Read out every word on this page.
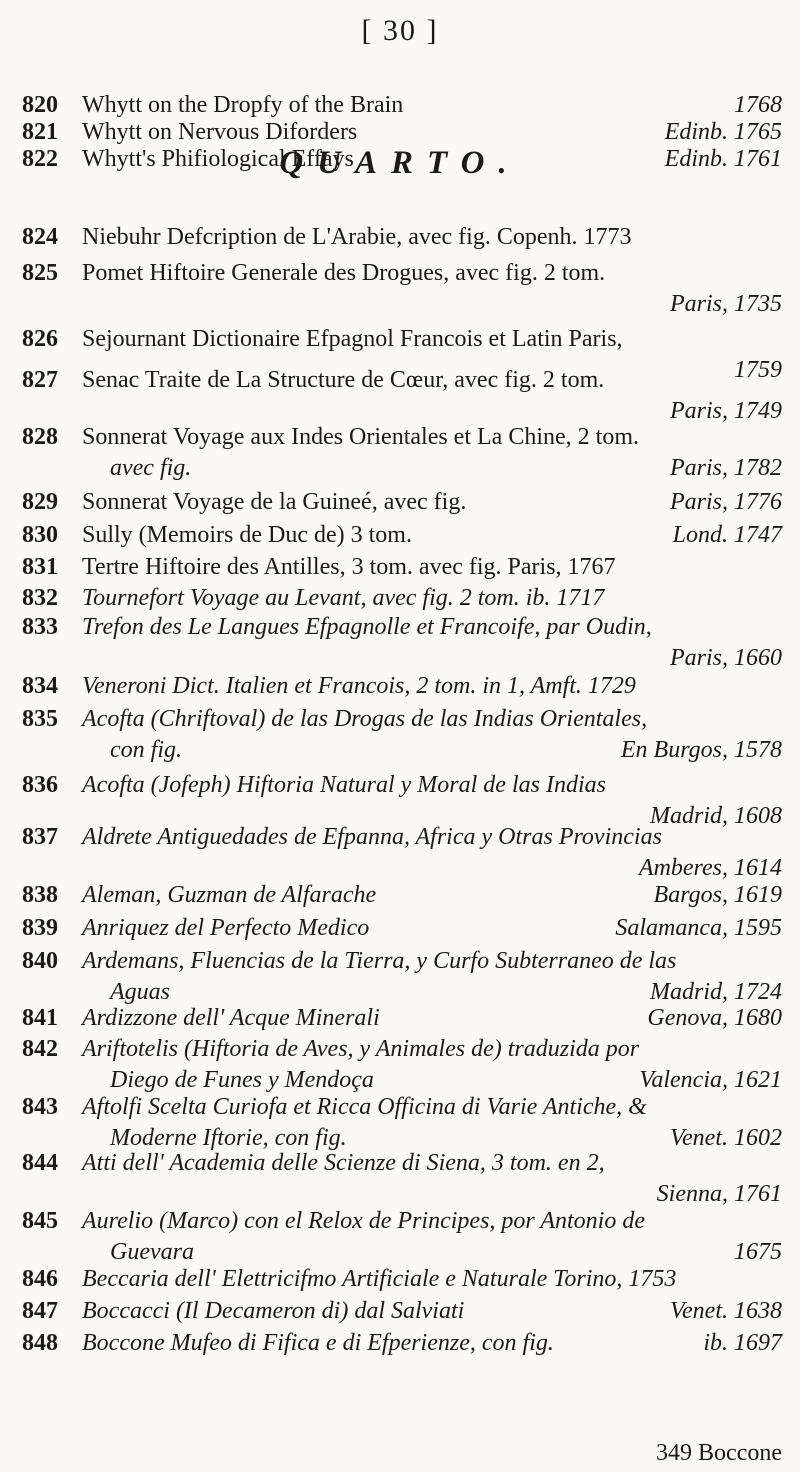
[ 30 ]
QUARTO.
820	Whytt on the Dropfy of the Brain	1768
821	Whytt on Nervous Diforders	Edinb. 1765
822	Whytt's Phifiological Effays	Edinb. 1761
824	Niebuhr Defcription de L'Arabie, avec fig. Copenh. 1773
825	Pomet Hiftoire Generale des Drogues, avec fig. 2 tom.
Paris, 1735
826	Sejournant Dictionaire Efpagnol Francois et Latin Paris,
1759
827	Senac Traite de La Structure de Cœur, avec fig. 2 tom.
Paris, 1749
828	Sonnerat Voyage aux Indes Orientales et La Chine, 2 tom.
avec fig.	Paris, 1782
829	Sonnerat Voyage de la Guineé, avec fig.	Paris, 1776
830	Sully (Memoirs de Duc de) 3 tom.	Lond. 1747
831	Tertre Hiftoire des Antilles, 3 tom. avec fig. Paris, 1767
832	Tournefort Voyage au Levant, avec fig. 2 tom. ib. 1717
833	Trefon des Le Langues Efpagnolle et Francoife, par Oudin,
Paris, 1660
834	Veneroni Dict. Italien et Francois, 2 tom. in 1, Amft. 1729
835	Acofta (Chriftoval) de las Drogas de las Indias Orientales,
con fig.	En Burgos, 1578
836	Acofta (Jofeph) Hiftoria Natural y Moral de las Indias
Madrid, 1608
837	Aldrete Antiguedades de Efpanna, Africa y Otras Provincias
Amberes, 1614
838	Aleman, Guzman de Alfarache	Bargos, 1619
839	Anriquez del Perfecto Medico	Salamanca, 1595
840	Ardemans, Fluencias de la Tierra, y Curfo Subterraneo de las
Aguas	Madrid, 1724
841	Ardizzone dell' Acque Minerali	Genova, 1680
842	Ariftotelis (Hiftoria de Aves, y Animales de) traduzida por
Diego de Funes y Mendoça	Valencia, 1621
843	Aftolfi Scelta Curiofa et Ricca Officina di Varie Antiche, &
Moderne Iftorie, con fig.	Venet. 1602
844	Atti dell' Academia delle Scienze di Siena, 3 tom. en 2,
Sienna, 1761
845	Aurelio (Marco) con el Relox de Principes, por Antonio de
Guevara	1675
846	Beccaria dell' Elettricifmo Artificiale e Naturale Torino, 1753
847	Boccacci (Il Decameron di) dal Salviati	Venet. 1638
848	Boccone Mufeo di Fifica e di Efperienze, con fig.	ib. 1697
349 Boccone
